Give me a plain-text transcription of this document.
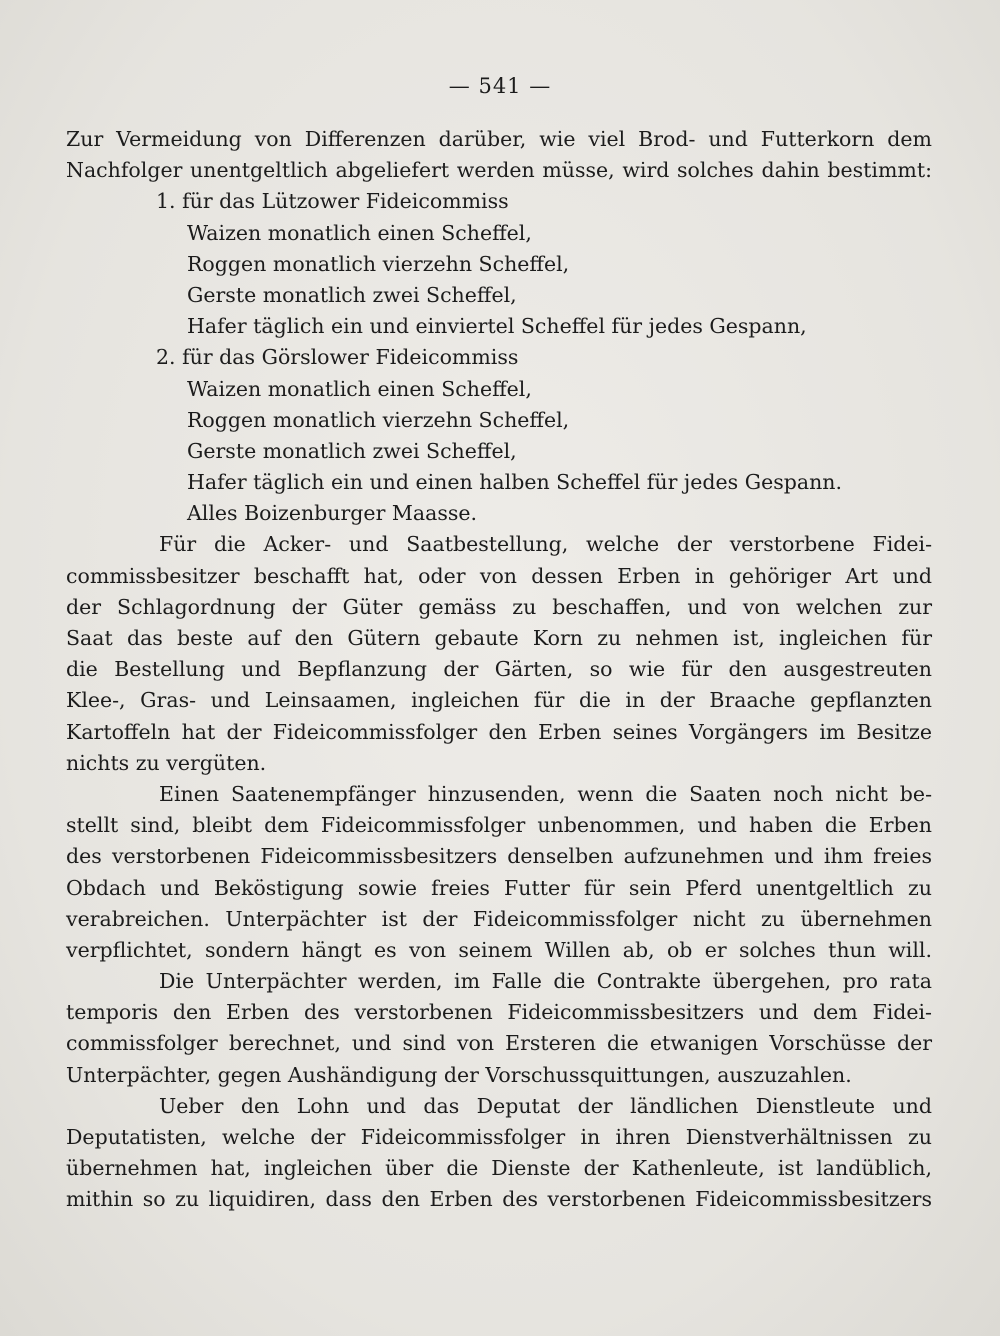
— 541 —
Zur Vermeidung von Differenzen darüber, wie viel Brod- und Futterkorn dem
Nachfolger unentgeltlich abgeliefert werden müsse, wird solches dahin bestimmt:
1. für das Lützower Fideicommiss
Waizen monatlich einen Scheffel,
Roggen monatlich vierzehn Scheffel,
Gerste monatlich zwei Scheffel,
Hafer täglich ein und einviertel Scheffel für jedes Gespann,
2. für das Görslower Fideicommiss
Waizen monatlich einen Scheffel,
Roggen monatlich vierzehn Scheffel,
Gerste monatlich zwei Scheffel,
Hafer täglich ein und einen halben Scheffel für jedes Gespann.
Alles Boizenburger Maasse.
Für die Acker- und Saatbestellung, welche der verstorbene Fidei-
commissbesitzer beschafft hat, oder von dessen Erben in gehöriger Art und
der Schlagordnung der Güter gemäss zu beschaffen, und von welchen zur
Saat das beste auf den Gütern gebaute Korn zu nehmen ist, ingleichen für
die Bestellung und Bepflanzung der Gärten, so wie für den ausgestreuten
Klee-, Gras- und Leinsaamen, ingleichen für die in der Braache gepflanzten
Kartoffeln hat der Fideicommissfolger den Erben seines Vorgängers im Besitze
nichts zu vergüten.
Einen Saatenempfänger hinzusenden, wenn die Saaten noch nicht be-
stellt sind, bleibt dem Fideicommissfolger unbenommen, und haben die Erben
des verstorbenen Fideicommissbesitzers denselben aufzunehmen und ihm freies
Obdach und Beköstigung sowie freies Futter für sein Pferd unentgeltlich zu
verabreichen. Unterpächter ist der Fideicommissfolger nicht zu übernehmen
verpflichtet, sondern hängt es von seinem Willen ab, ob er solches thun will.
Die Unterpächter werden, im Falle die Contrakte übergehen, pro rata
temporis den Erben des verstorbenen Fideicommissbesitzers und dem Fidei-
commissfolger berechnet, und sind von Ersteren die etwanigen Vorschüsse der
Unterpächter, gegen Aushändigung der Vorschussquittungen, auszuzahlen.
Ueber den Lohn und das Deputat der ländlichen Dienstleute und
Deputatisten, welche der Fideicommissfolger in ihren Dienstverhältnissen zu
übernehmen hat, ingleichen über die Dienste der Kathenleute, ist landüblich,
mithin so zu liquidiren, dass den Erben des verstorbenen Fideicommissbesitzers
